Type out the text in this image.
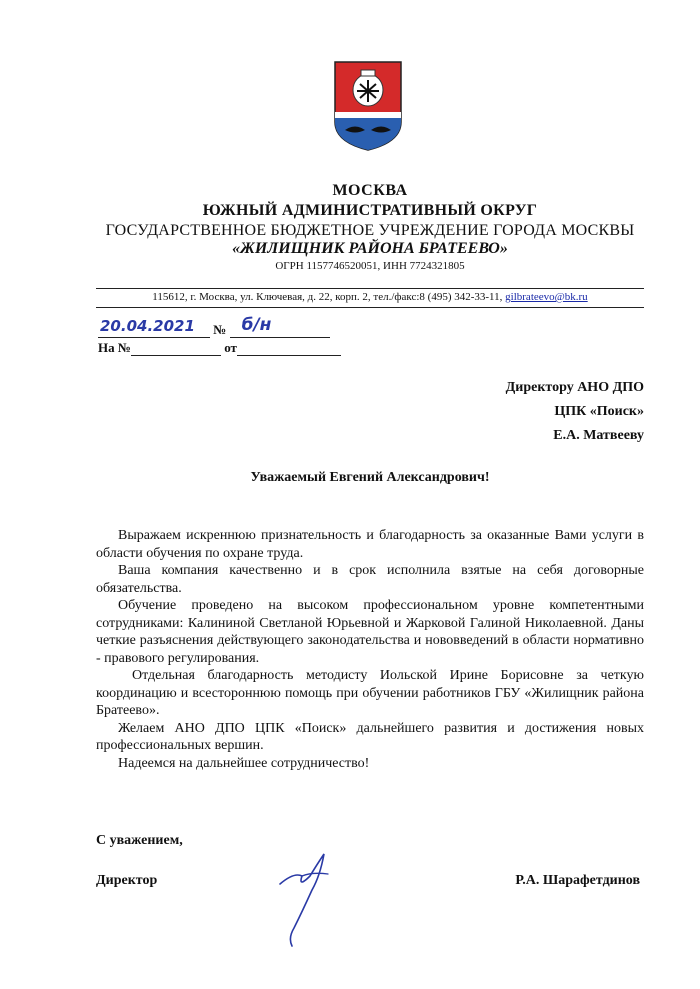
МОСКВА
ЮЖНЫЙ АДМИНИСТРАТИВНЫЙ ОКРУГ
ГОСУДАРСТВЕННОЕ БЮДЖЕТНОЕ УЧРЕЖДЕНИЕ ГОРОДА МОСКВЫ
«ЖИЛИЩНИК РАЙОНА БРАТЕЕВО»
ОГРН 1157746520051, ИНН 7724321805
115612, г. Москва, ул. Ключевая, д. 22, корп. 2, тел./факс:8 (495) 342-33-11, gilbrateevo@bk.ru
20.04.2021 № б/н
На №	от
Директору АНО ДПО
ЦПК «Поиск»
Е.А. Матвееву
Уважаемый Евгений Александрович!

Выражаем искреннюю признательность и благодарность за оказанные Вами услуги в области обучения по охране труда.

Ваша компания качественно и в срок исполнила взятые на себя договорные обязательства.

Обучение проведено на высоком профессиональном уровне компетентными сотрудниками: Калининой Светланой Юрьевной и Жарковой Галиной Николаевной. Даны четкие разъяснения действующего законодательства и нововведений в области нормативно - правового регулирования.

Отдельная благодарность методисту Иольской Ирине Борисовне за четкую координацию и всестороннюю помощь при обучении работников ГБУ «Жилищник района Братеево».

Желаем АНО ДПО ЦПК «Поиск» дальнейшего развития и достижения новых профессиональных вершин.

Надеемся на дальнейшее сотрудничество!

С уважением,
Директор	Р.А. Шарафетдинов
